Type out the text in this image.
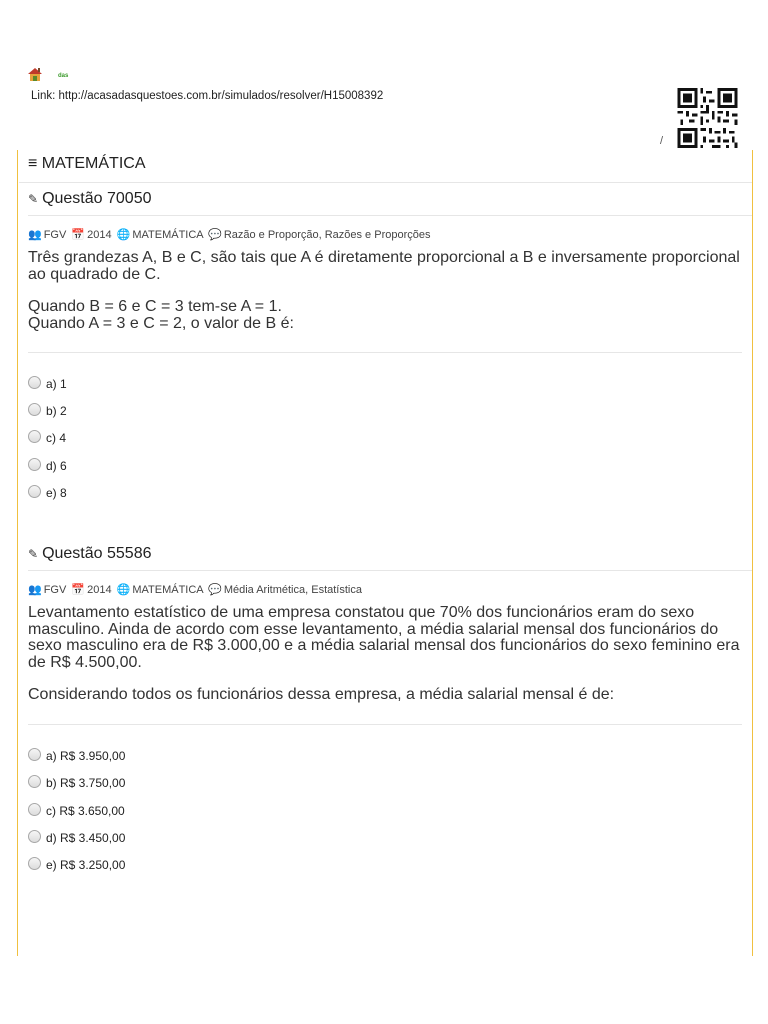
das
Link: http://acasadasquestoes.com.br/simulados/resolver/H15008392
/
≡ MATEMÁTICA
✎ Questão 70050
👥 FGV 📅 2014 🌐 MATEMÁTICA 💬 Razão e Proporção, Razões e Proporções

Três grandezas A, B e C, são tais que A é diretamente proporcional a B e inversamente proporcional ao quadrado de C.

Quando B = 6 e C = 3 tem-se A = 1.

Quando A = 3 e C = 2, o valor de B é:

a) 1
b) 2
c) 4
d) 6
e) 8
✎ Questão 55586
👥 FGV 📅 2014 🌐 MATEMÁTICA 💬 Média Aritmética, Estatística

Levantamento estatístico de uma empresa constatou que 70% dos funcionários eram do sexo masculino. Ainda de acordo com esse levantamento, a média salarial mensal dos funcionários do sexo masculino era de R$ 3.000,00 e a média salarial mensal dos funcionários do sexo feminino era de R$ 4.500,00.

Considerando todos os funcionários dessa empresa, a média salarial mensal é de:

a) R$ 3.950,00
b) R$ 3.750,00
c) R$ 3.650,00
d) R$ 3.450,00
e) R$ 3.250,00
